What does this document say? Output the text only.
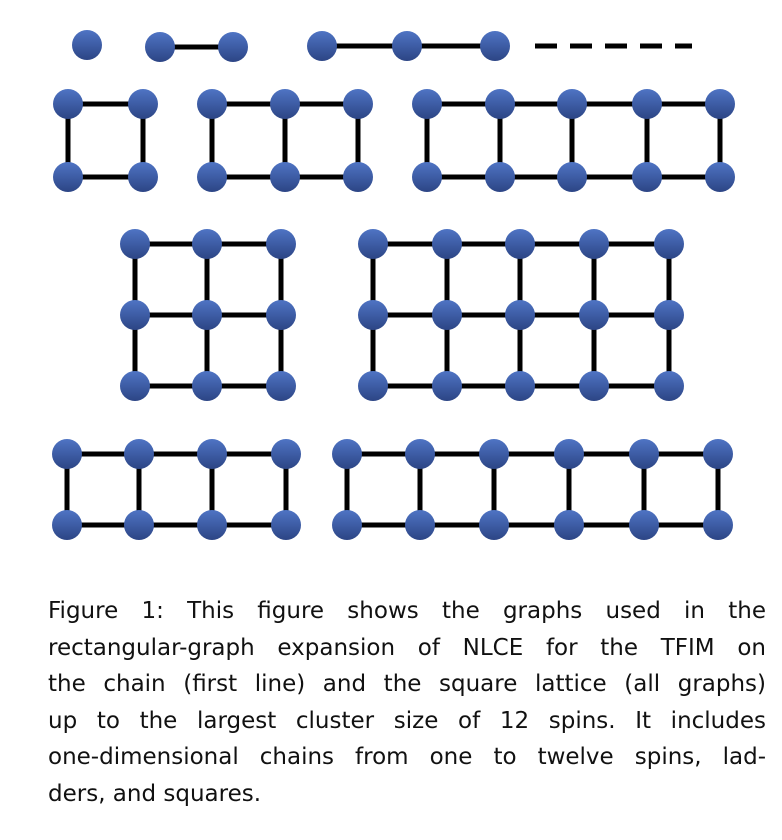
Figure 1: This figure shows the graphs used in the
rectangular-graph expansion of NLCE for the TFIM on
the chain (first line) and the square lattice (all graphs)
up to the largest cluster size of 12 spins. It includes
one-dimensional chains from one to twelve spins, lad-
ders, and squares.
